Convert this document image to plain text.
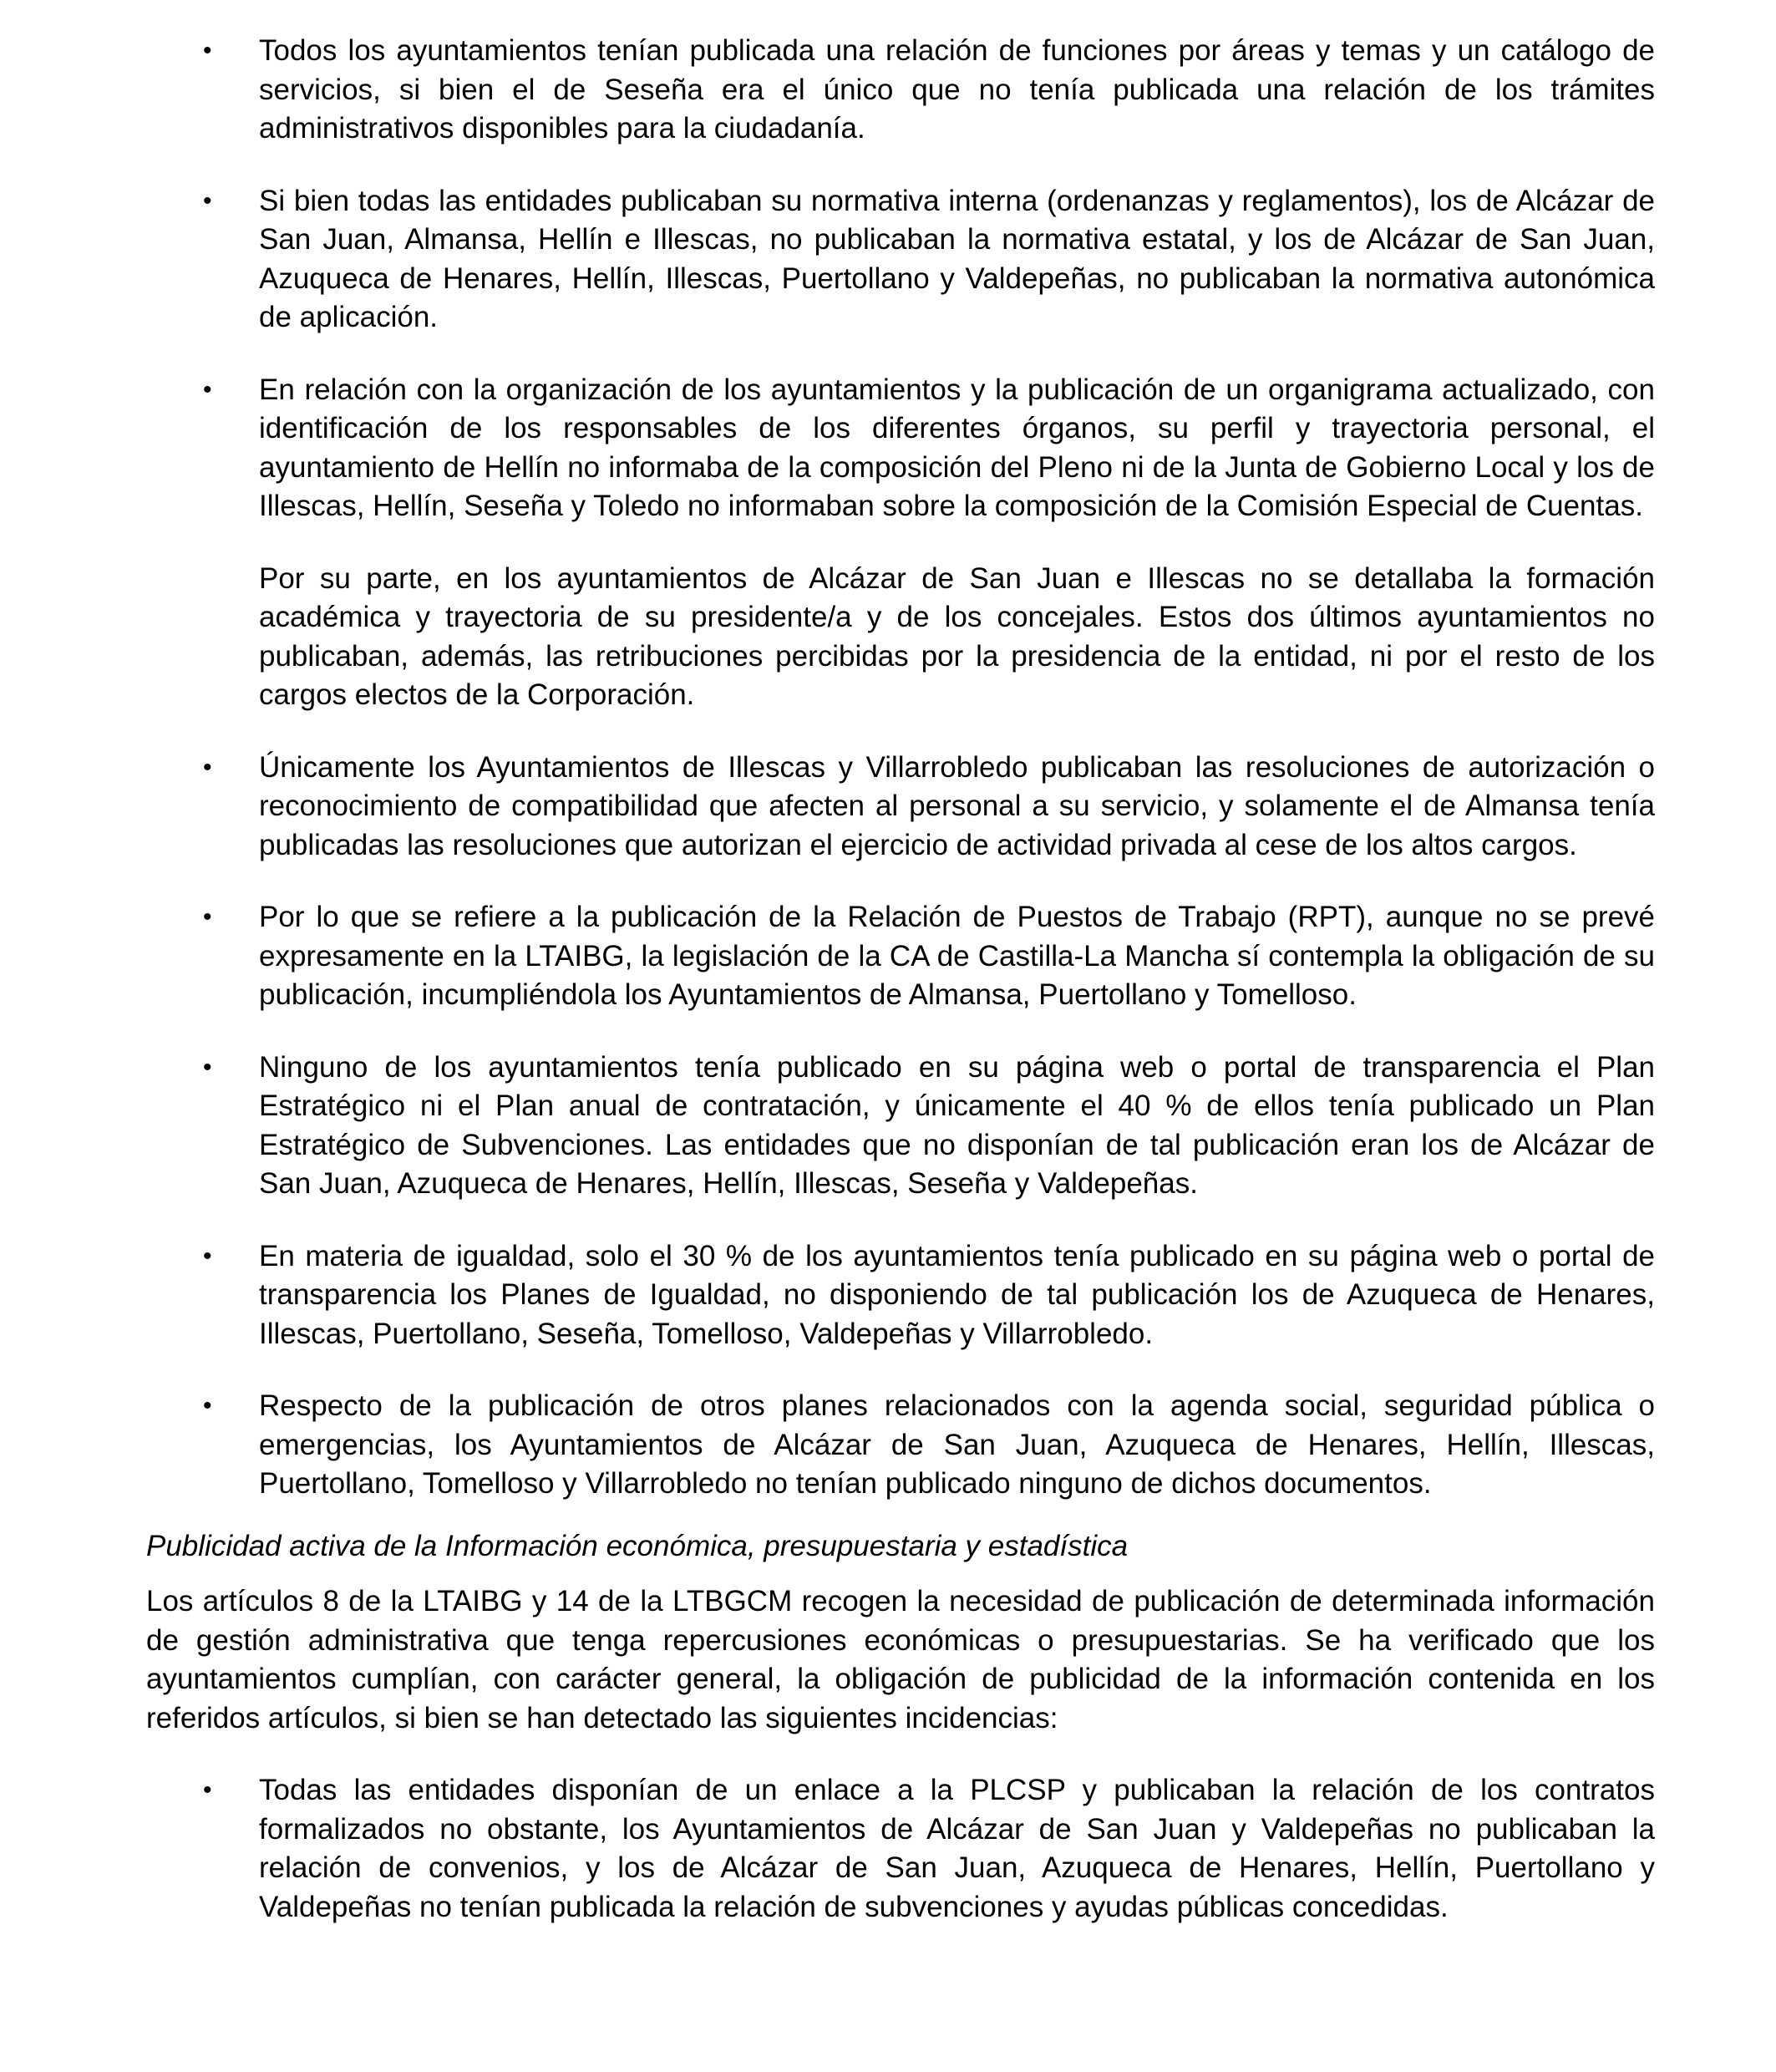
• Todos los ayuntamientos tenían publicada una relación de funciones por áreas y temas y un catálogo de servicios, si bien el de Seseña era el único que no tenía publicada una relación de los trámites administrativos disponibles para la ciudadanía.

• Si bien todas las entidades publicaban su normativa interna (ordenanzas y reglamentos), los de Alcázar de San Juan, Almansa, Hellín e Illescas, no publicaban la normativa estatal, y los de Alcázar de San Juan, Azuqueca de Henares, Hellín, Illescas, Puertollano y Valdepeñas, no publicaban la normativa autonómica de aplicación.

• En relación con la organización de los ayuntamientos y la publicación de un organigrama actualizado, con identificación de los responsables de los diferentes órganos, su perfil y trayectoria personal, el ayuntamiento de Hellín no informaba de la composición del Pleno ni de la Junta de Gobierno Local y los de Illescas, Hellín, Seseña y Toledo no informaban sobre la composición de la Comisión Especial de Cuentas.

Por su parte, en los ayuntamientos de Alcázar de San Juan e Illescas no se detallaba la formación académica y trayectoria de su presidente/a y de los concejales. Estos dos últimos ayuntamientos no publicaban, además, las retribuciones percibidas por la presidencia de la entidad, ni por el resto de los cargos electos de la Corporación.

• Únicamente los Ayuntamientos de Illescas y Villarrobledo publicaban las resoluciones de autorización o reconocimiento de compatibilidad que afecten al personal a su servicio, y solamente el de Almansa tenía publicadas las resoluciones que autorizan el ejercicio de actividad privada al cese de los altos cargos.

• Por lo que se refiere a la publicación de la Relación de Puestos de Trabajo (RPT), aunque no se prevé expresamente en la LTAIBG, la legislación de la CA de Castilla-La Mancha sí contempla la obligación de su publicación, incumpliéndola los Ayuntamientos de Almansa, Puertollano y Tomelloso.

• Ninguno de los ayuntamientos tenía publicado en su página web o portal de transparencia el Plan Estratégico ni el Plan anual de contratación, y únicamente el 40 % de ellos tenía publicado un Plan Estratégico de Subvenciones. Las entidades que no disponían de tal publicación eran los de Alcázar de San Juan, Azuqueca de Henares, Hellín, Illescas, Seseña y Valdepeñas.

• En materia de igualdad, solo el 30 % de los ayuntamientos tenía publicado en su página web o portal de transparencia los Planes de Igualdad, no disponiendo de tal publicación los de Azuqueca de Henares, Illescas, Puertollano, Seseña, Tomelloso, Valdepeñas y Villarrobledo.

• Respecto de la publicación de otros planes relacionados con la agenda social, seguridad pública o emergencias, los Ayuntamientos de Alcázar de San Juan, Azuqueca de Henares, Hellín, Illescas, Puertollano, Tomelloso y Villarrobledo no tenían publicado ninguno de dichos documentos.

Publicidad activa de la Información económica, presupuestaria y estadística

Los artículos 8 de la LTAIBG y 14 de la LTBGCM recogen la necesidad de publicación de determinada información de gestión administrativa que tenga repercusiones económicas o presupuestarias. Se ha verificado que los ayuntamientos cumplían, con carácter general, la obligación de publicidad de la información contenida en los referidos artículos, si bien se han detectado las siguientes incidencias:

• Todas las entidades disponían de un enlace a la PLCSP y publicaban la relación de los contratos formalizados no obstante, los Ayuntamientos de Alcázar de San Juan y Valdepeñas no publicaban la relación de convenios, y los de Alcázar de San Juan, Azuqueca de Henares, Hellín, Puertollano y Valdepeñas no tenían publicada la relación de subvenciones y ayudas públicas concedidas.
